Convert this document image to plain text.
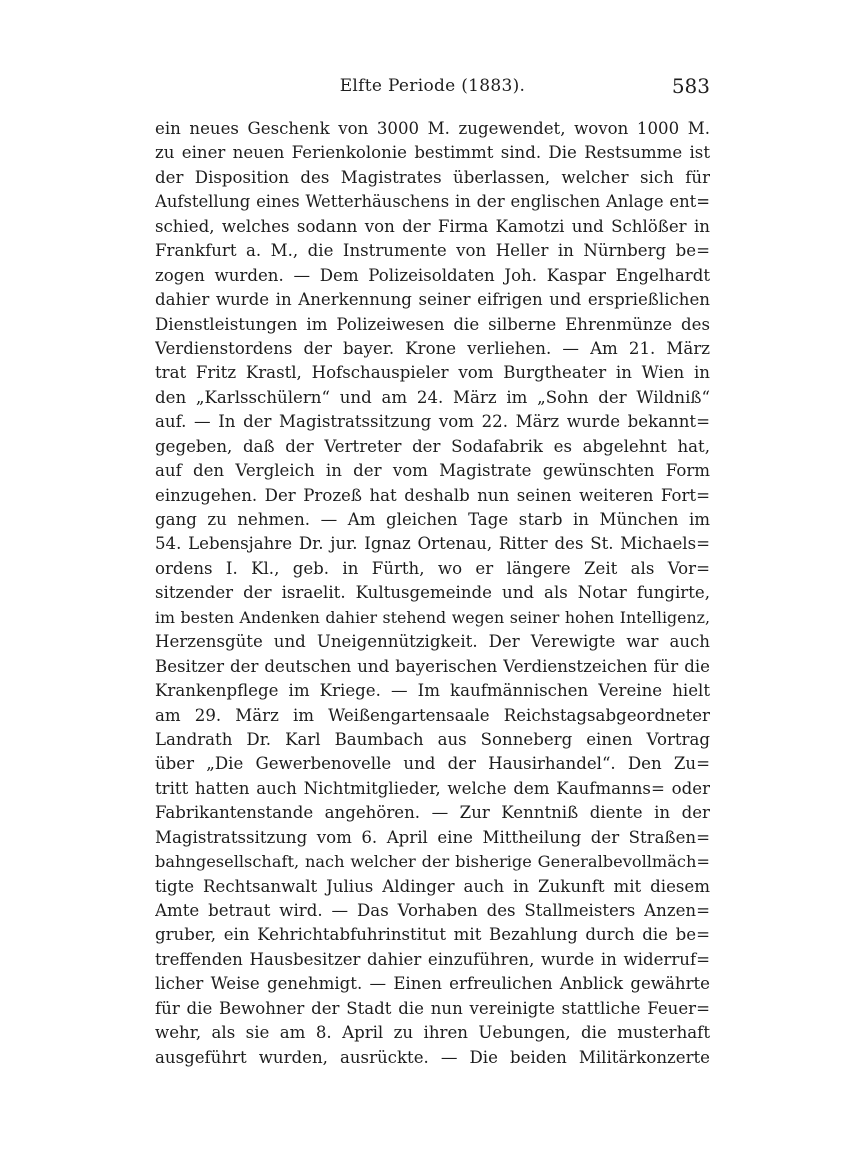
Elfte Periode (1883).	583
ein neues Geschenk von 3000 M. zugewendet, wovon 1000 M.
zu einer neuen Ferienkolonie bestimmt sind. Die Restsumme ist
der Disposition des Magistrates überlassen, welcher sich für
Aufstellung eines Wetterhäuschens in der englischen Anlage ent=
schied, welches sodann von der Firma Kamotzi und Schlößer in
Frankfurt a. M., die Instrumente von Heller in Nürnberg be=
zogen wurden. — Dem Polizeisoldaten Joh. Kaspar Engelhardt
dahier wurde in Anerkennung seiner eifrigen und ersprießlichen
Dienstleistungen im Polizeiwesen die silberne Ehrenmünze des
Verdienstordens der bayer. Krone verliehen. — Am 21. März
trat Fritz Krastl, Hofschauspieler vom Burgtheater in Wien in
den „Karlsschülern“ und am 24. März im „Sohn der Wildniß“
auf. — In der Magistratssitzung vom 22. März wurde bekannt=
gegeben, daß der Vertreter der Sodafabrik es abgelehnt hat,
auf den Vergleich in der vom Magistrate gewünschten Form
einzugehen. Der Prozeß hat deshalb nun seinen weiteren Fort=
gang zu nehmen. — Am gleichen Tage starb in München im
54. Lebensjahre Dr. jur. Ignaz Ortenau, Ritter des St. Michaels=
ordens I. Kl., geb. in Fürth, wo er längere Zeit als Vor=
sitzender der israelit. Kultusgemeinde und als Notar fungirte,
im besten Andenken dahier stehend wegen seiner hohen Intelligenz,
Herzensgüte und Uneigennützigkeit. Der Verewigte war auch
Besitzer der deutschen und bayerischen Verdienstzeichen für die
Krankenpflege im Kriege. — Im kaufmännischen Vereine hielt
am 29. März im Weißengartensaale Reichstagsabgeordneter
Landrath Dr. Karl Baumbach aus Sonneberg einen Vortrag
über „Die Gewerbenovelle und der Hausirhandel“. Den Zu=
tritt hatten auch Nichtmitglieder, welche dem Kaufmanns= oder
Fabrikantenstande angehören. — Zur Kenntniß diente in der
Magistratssitzung vom 6. April eine Mittheilung der Straßen=
bahngesellschaft, nach welcher der bisherige Generalbevollmäch=
tigte Rechtsanwalt Julius Aldinger auch in Zukunft mit diesem
Amte betraut wird. — Das Vorhaben des Stallmeisters Anzen=
gruber, ein Kehrichtabfuhrinstitut mit Bezahlung durch die be=
treffenden Hausbesitzer dahier einzuführen, wurde in widerruf=
licher Weise genehmigt. — Einen erfreulichen Anblick gewährte
für die Bewohner der Stadt die nun vereinigte stattliche Feuer=
wehr, als sie am 8. April zu ihren Uebungen, die musterhaft
ausgeführt wurden, ausrückte. — Die beiden Militärkonzerte
